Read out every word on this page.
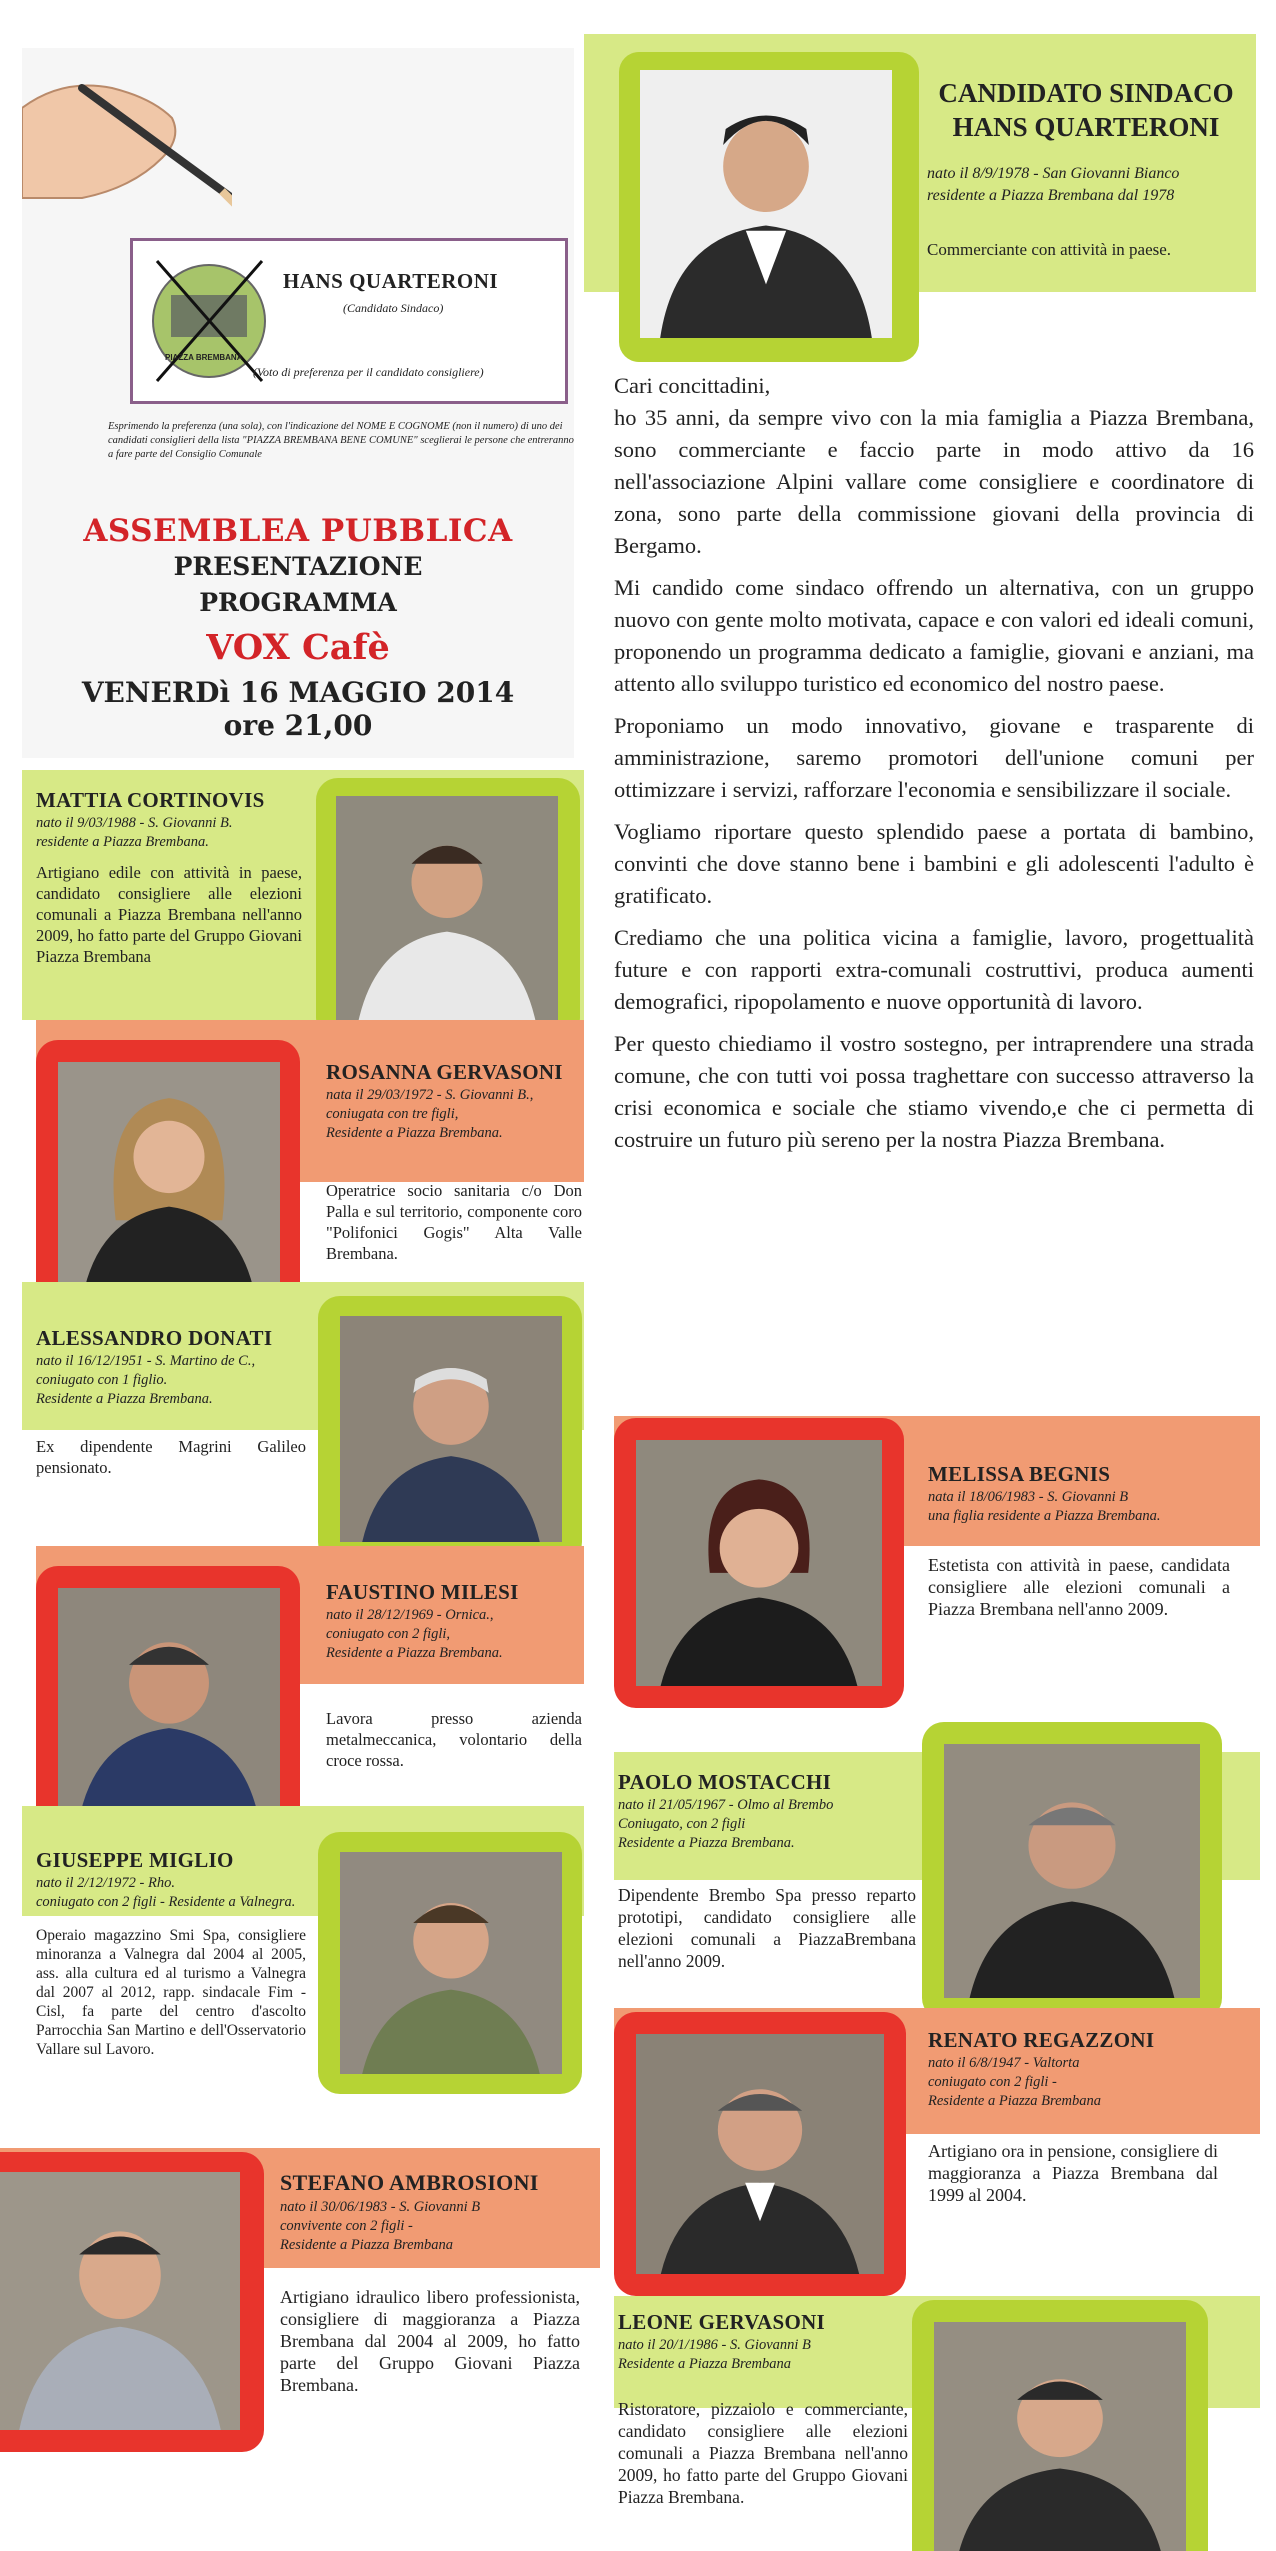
PIAZZA BREMBANA
HANS QUARTERONI
(Candidato Sindaco)
(Voto di preferenza per il candidato consigliere)
Esprimendo la preferenza (una sola), con l'indicazione del NOME E COGNOME (non il numero) di uno dei candidati consiglieri della lista "PIAZZA BREMBANA BENE COMUNE" sceglierai le persone che entreranno a fare parte del Consiglio Comunale
ASSEMBLEA PUBBLICA
PRESENTAZIONE
PROGRAMMA
VOX Cafè
VENERDì 16 MAGGIO 2014
ore 21,00
CANDIDATO SINDACO
HANS QUARTERONI
nato il 8/9/1978 - San Giovanni Bianco
residente a Piazza Brembana dal 1978
Commerciante con attività in paese.
Cari concittadini,

ho 35 anni, da sempre vivo con la mia famiglia a Piazza Brembana, sono commerciante e faccio parte in modo attivo da 16 nell'associazione Alpini vallare come consigliere e coordinatore di zona, sono parte della commissione giovani della provincia di Bergamo.

Mi candido come sindaco offrendo un alternativa, con un gruppo nuovo con gente molto motivata, capace e con valori ed ideali comuni, proponendo un programma dedicato a famiglie, giovani e anziani, ma attento allo sviluppo turistico ed economico del nostro paese.

Proponiamo un modo innovativo, giovane e trasparente di amministrazione, saremo promotori dell'unione comuni per ottimizzare i servizi, rafforzare l'economia e sensibilizzare il sociale.

Vogliamo riportare questo splendido paese a portata di bambino, convinti che dove stanno bene i bambini e gli adolescenti l'adulto è gratificato.

Crediamo che una politica vicina a famiglie, lavoro, progettualità future e con rapporti extra-comunali costruttivi, produca aumenti demografici, ripopolamento e nuove opportunità di lavoro.

Per questo chiediamo il vostro sostegno, per intraprendere una strada comune, che con tutti voi possa traghettare con successo attraverso la crisi economica e sociale che stiamo vivendo,e che ci permetta di costruire un futuro più sereno per la nostra Piazza Brembana.

MATTIA CORTINOVIS
nato il 9/03/1988 - S. Giovanni B.
residente a Piazza Brembana.
Artigiano edile con attività in paese, candidato consigliere alle elezioni comunali a Piazza Brembana nell'anno 2009, ho fatto parte del Gruppo Giovani Piazza Brembana
ROSANNA GERVASONI
nata il 29/03/1972 - S. Giovanni B.,
coniugata con tre figli,
Residente a Piazza Brembana.
Operatrice socio sanitaria c/o Don Palla e sul territorio, componente coro "Polifonici Gogis" Alta Valle Brembana.
ALESSANDRO DONATI
nato il 16/12/1951 - S. Martino de C.,
coniugato con 1 figlio.
Residente a Piazza Brembana.
Ex dipendente Magrini Galileo pensionato.
FAUSTINO MILESI
nato il 28/12/1969 - Ornica.,
coniugato con 2 figli,
Residente a Piazza Brembana.
Lavora presso azienda metalmeccanica, volontario della croce rossa.
GIUSEPPE MIGLIO
nato il 2/12/1972 - Rho.
coniugato con 2 figli - Residente a Valnegra.
Operaio magazzino Smi Spa, consigliere minoranza a Valnegra dal 2004 al 2005, ass. alla cultura ed al turismo a Valnegra dal 2007 al 2012, rapp. sindacale Fim - Cisl, fa parte del centro d'ascolto Parrocchia San Martino e dell'Osservatorio Vallare sul Lavoro.
STEFANO AMBROSIONI
nato il 30/06/1983 - S. Giovanni B
convivente con 2 figli -
Residente a Piazza Brembana
Artigiano idraulico libero professionista, consigliere di maggioranza a Piazza Brembana dal 2004 al 2009, ho fatto parte del Gruppo Giovani Piazza Brembana.
MELISSA BEGNIS
nata il 18/06/1983 - S. Giovanni B
una figlia residente a Piazza Brembana.
Estetista con attività in paese, candidata consigliere alle elezioni comunali a Piazza Brembana nell'anno 2009.
PAOLO MOSTACCHI
nato il 21/05/1967 - Olmo al Brembo
Coniugato, con 2 figli
Residente a Piazza Brembana.
Dipendente Brembo Spa presso reparto prototipi, candidato consigliere alle elezioni comunali a PiazzaBrembana nell'anno 2009.
RENATO REGAZZONI
nato il 6/8/1947 - Valtorta
coniugato con 2 figli -
Residente a Piazza Brembana
Artigiano ora in pensione, consigliere di maggioranza a Piazza Brembana dal 1999 al 2004.
LEONE GERVASONI
nato il 20/1/1986 - S. Giovanni B
Residente a Piazza Brembana
Ristoratore, pizzaiolo e commerciante, candidato consigliere alle elezioni comunali a Piazza Brembana nell'anno 2009, ho fatto parte del Gruppo Giovani Piazza Brembana.
